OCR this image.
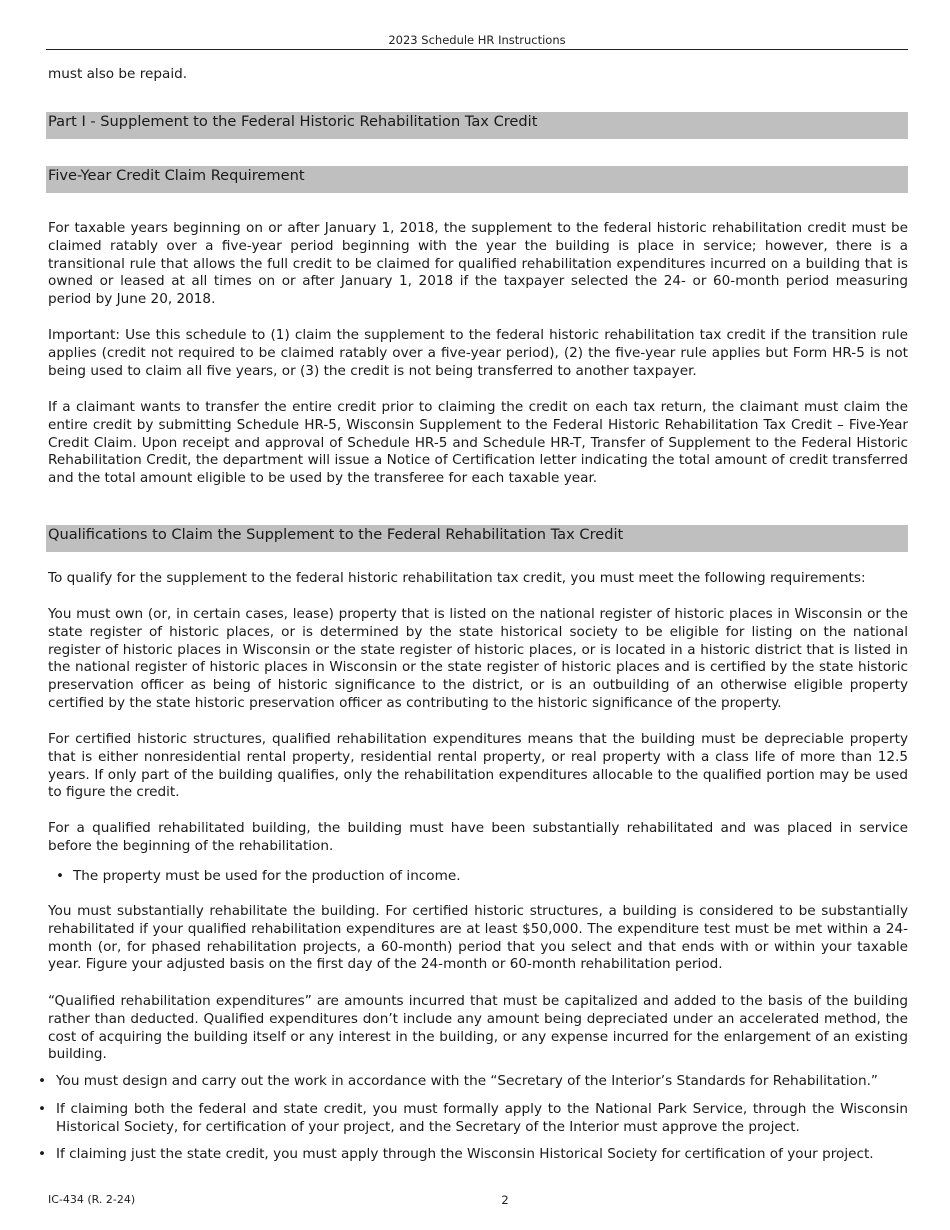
2023 Schedule HR Instructions

must also be repaid.

Part I - Supplement to the Federal Historic Rehabilitation Tax Credit
Five-Year Credit Claim Requirement

For taxable years beginning on or after January 1, 2018, the supplement to the federal historic rehabilitation credit must be claimed ratably over a five-year period beginning with the year the building is place in service; however, there is a transitional rule that allows the full credit to be claimed for qualified rehabilitation expenditures incurred on a building that is owned or leased at all times on or after January 1, 2018 if the taxpayer selected the 24- or 60-month period measuring period by June 20, 2018.

Important: Use this schedule to (1) claim the supplement to the federal historic rehabilitation tax credit if the transition rule applies (credit not required to be claimed ratably over a five-year period), (2) the five-year rule applies but Form HR-5 is not being used to claim all five years, or (3) the credit is not being transferred to another taxpayer.

If a claimant wants to transfer the entire credit prior to claiming the credit on each tax return, the claimant must claim the entire credit by submitting Schedule HR-5, Wisconsin Supplement to the Federal Historic Rehabilitation Tax Credit – Five-Year Credit Claim. Upon receipt and approval of Schedule HR-5 and Schedule HR-T, Transfer of Supplement to the Federal Historic Rehabilitation Credit, the department will issue a Notice of Certification letter indicating the total amount of credit transferred and the total amount eligible to be used by the transferee for each taxable year.

Qualifications to Claim the Supplement to the Federal Rehabilitation Tax Credit

To qualify for the supplement to the federal historic rehabilitation tax credit, you must meet the following requirements:

You must own (or, in certain cases, lease) property that is listed on the national register of historic places in Wisconsin or the state register of historic places, or is determined by the state historical society to be eligible for listing on the national register of historic places in Wisconsin or the state register of historic places, or is located in a historic district that is listed in the national register of historic places in Wisconsin or the state register of historic places and is certified by the state historic preservation officer as being of historic significance to the district, or is an outbuilding of an otherwise eligible property certified by the state historic preservation officer as contributing to the historic significance of the property.

For certified historic structures, qualified rehabilitation expenditures means that the building must be depreciable property that is either nonresidential rental property, residential rental property, or real property with a class life of more than 12.5 years. If only part of the building qualifies, only the rehabilitation expenditures allocable to the qualified portion may be used to figure the credit.

For a qualified rehabilitated building, the building must have been substantially rehabilitated and was placed in service before the beginning of the rehabilitation.

• The property must be used for the production of income.

You must substantially rehabilitate the building. For certified historic structures, a building is considered to be substantially rehabilitated if your qualified rehabilitation expenditures are at least $50,000. The expenditure test must be met within a 24-month (or, for phased rehabilitation projects, a 60-month) period that you select and that ends with or within your taxable year. Figure your adjusted basis on the first day of the 24-month or 60-month rehabilitation period.

“Qualified rehabilitation expenditures” are amounts incurred that must be capitalized and added to the basis of the building rather than deducted. Qualified expenditures don’t include any amount being depreciated under an accelerated method, the cost of acquiring the building itself or any interest in the building, or any expense incurred for the enlargement of an existing building.

• You must design and carry out the work in accordance with the “Secretary of the Interior’s Standards for Rehabilitation.”
• If claiming both the federal and state credit, you must formally apply to the National Park Service, through the Wisconsin Historical Society, for certification of your project, and the Secretary of the Interior must approve the project.
• If claiming just the state credit, you must apply through the Wisconsin Historical Society for certification of your project.
IC-434 (R. 2-24)	2
